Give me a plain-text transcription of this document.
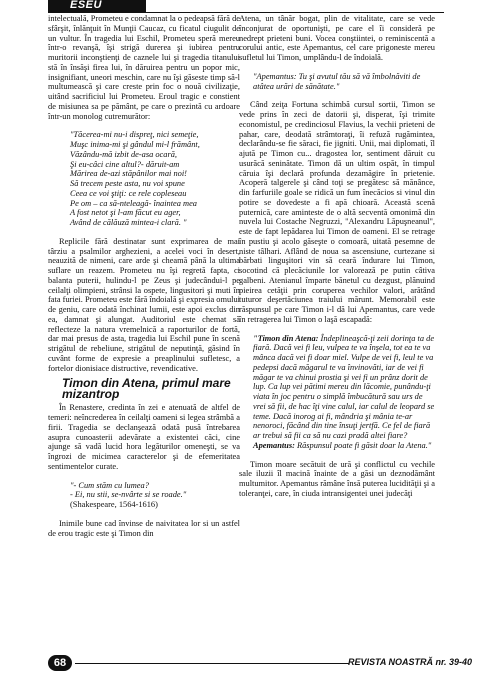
ESEU

intelectuală, Prometeu e condamnat la o pedeapsă fără de sfârşit, înlănţuit în Munţii Caucaz, cu ficatul ciugulit de un vultur. În tragedia lui Eschil, Prometeu speră mereu într-o revanşă, îşi strigă durerea şi iubirea pentru muritorii inconştienţi de caznele lui şi tragedia titanului stă în însăşi firea lui, în dăruirea pentru un popor mic, insignifiant, uneori meschin, care nu îşi găseste timp să-l multumească şi care creste prin foc o nouă civilizaţie, uitând sacrificiul lui Prometeu. Eroul tragic e constient de misiunea sa pe pământ, pe care o prezintă cu ardoare într-un monolog cutremurător:

"Tăcerea-mi nu-i dispreţ, nici semeţie,

Muşc inima-mi şi gândul mi-l frământ,

Văzându-mă izbit de-asa ocară,

Şi eu-câci cine altul?- dăruit-am

Mărirea de-azi stăpânilor mai noi!

Să trecem peste asta, nu voi spune

Ceea ce voi ştiţi: ce rele copleseau

Pe om – ca să-nteleagă- înaintea mea

A fost netot şi l-am făcut eu ager,

Având de călăuză mintea-i clară. "

Replicile fără destinatar sunt exprimarea de mai târziu a psalmilor arghezieni, a acelei voci în desert, neauzită de nimeni, care arde şi cheamă până la ultima suflare un reazem. Prometeu nu îşi regretă fapta, ci balanta puterii, hulindu-l pe Zeus şi judecândui-l pe ceilalţi olimpieni, strânsi la ospete, lingusitori şi muti în fata furiei. Prometeu este fără îndoială şi expresia omului de geniu, care odată închinat lumii, este apoi exclus din ea, damnat şi alungat. Auditoriul este chemat să reflecteze la natura vremelnică a raporturilor de fortă, dar mai presus de asta, tragedia lui Eschil pune în scenă strigătul de rebeliune, strigătul de neputinţă, găsind în cuvânt forme de expresie a preaplinului sufletesc, a fortelor dionisiace distructive, revendicative.

Timon din Atena, primul mare mizantrop

În Renastere, credinta în zei e atenuată de altfel de temeri: neîncrederea în ceilalţi oameni si legea strâmbă a firii. Tragedia se declanşează odată pusă întrebarea asupra cunoasterii adevărate a existentei căci, cine ajunge să vadă lucid hora legăturilor omeneşti, se va îngrozi de micimea caracterelor şi de efemeritatea sentimentelor curate.

"- Cum stăm cu lumea?

- Ei, nu stii, se-nvârte si se roade."

(Shakespeare, 1564-1616)

Inimile bune cad învinse de naivitatea lor si un astfel de erou tragic este şi Timon din

Atena, un tânăr bogat, plin de vitalitate, care se vede înconjurat de oportunişti, pe care el îi consideră pe nedrept prieteni buni. Vocea conştiintei, o reminiscentă a corului antic, este Apemantus, cel care prigoneste mereu sufletul lui Timon, umplându-l de îndoială.

"Apemantus: Tu şi avutul tău să vă îmbolnăviti de atâtea urări de sănătate."

Când zeiţa Fortuna schimbă cursul sortii, Timon se vede prins în zeci de datorii şi, disperat, îşi trimite economistul, pe credinciosul Flavius, la vechii prieteni de pahar, care, deodată strâmtoraţi, îi refuză rugămintea, declarându-se fie săraci, fie jigniti. Unii, mai diplomati, îl ajută pe Timon cu... dragostea lor, sentiment dăruit cu usurăcă seninătate. Timon dă un ultim ospăt, în timpul căruia îşi declară profunda dezamăgire în prietenie. Acoperă talgerele şi când toţi se pregătesc să mănânce, din farfuriile goale se ridică un fum înecăcios si vinul din potire se dovedeste a fi apă chioară. Această scenă puternică, care aminteste de o altă secventă omonimă din nuvela lui Costache Negruzzi, "Alexandru Lăpuşneanul", este de fapt lepădarea lui Timon de oameni. El se retrage în pustiu şi acolo găseşte o comoară, uitată pesemne de niste tâlhari. Aflând de noua sa ascensiune, curtezane si bărbati linguşitori vin să ceară îndurare lui Timon, socotind că plecăciunile lor valorează pe putin câtiva galbeni. Atenianul împarte bănetul cu dezgust, plănuind pieirea cetăţii prin coruperea vechilor valori, arătând tuturor deşertăciunea traiului mărunt. Memorabil este răspunsul pe care Timon i-l dă lui Apemantus, care vede în retragerea lui Timon o laşă escapadă:

"Timon din Atena: Îndeplineaşcă-ţi zeii dorinţa ta de fiară. Dacă vei fi leu, vulpea te va înşela, tot ea te va mânca dacă vei fi doar miel. Vulpe de vei fi, leul te va pedepsi dacă măgarul te va învinovăti, iar de vei fi măgar te va chinui prostia şi vei fi un prânz dorit de lup. Ca lup vei pătimi mereu din lăcomie, punându-ţi viata în joc pentru o simplă îmbucătură sau urs de vrei să fii, de hac îţi vine calul, iar calul de leopard se teme. Dacă inorog ai fi, mândria şi mânia te-ar nenoroci, făcând din tine însuţi jertfă. Ce fel de fiară ar trebui să fii ca să nu cazi pradă altei fiare?

Apemantus: Răspunsul poate fi găsit doar la Atena."

Timon moare secătuit de ură şi conflictul cu vechile sale iluzii îl macină înainte de a găsi un deznodământ multumitor. Apemantus rămâne însă puterea lucidităţii şi a toleranţei, care, în ciuda intransigentei unei judecăţi

68	REVISTA NOASTRĂ nr. 39-40
